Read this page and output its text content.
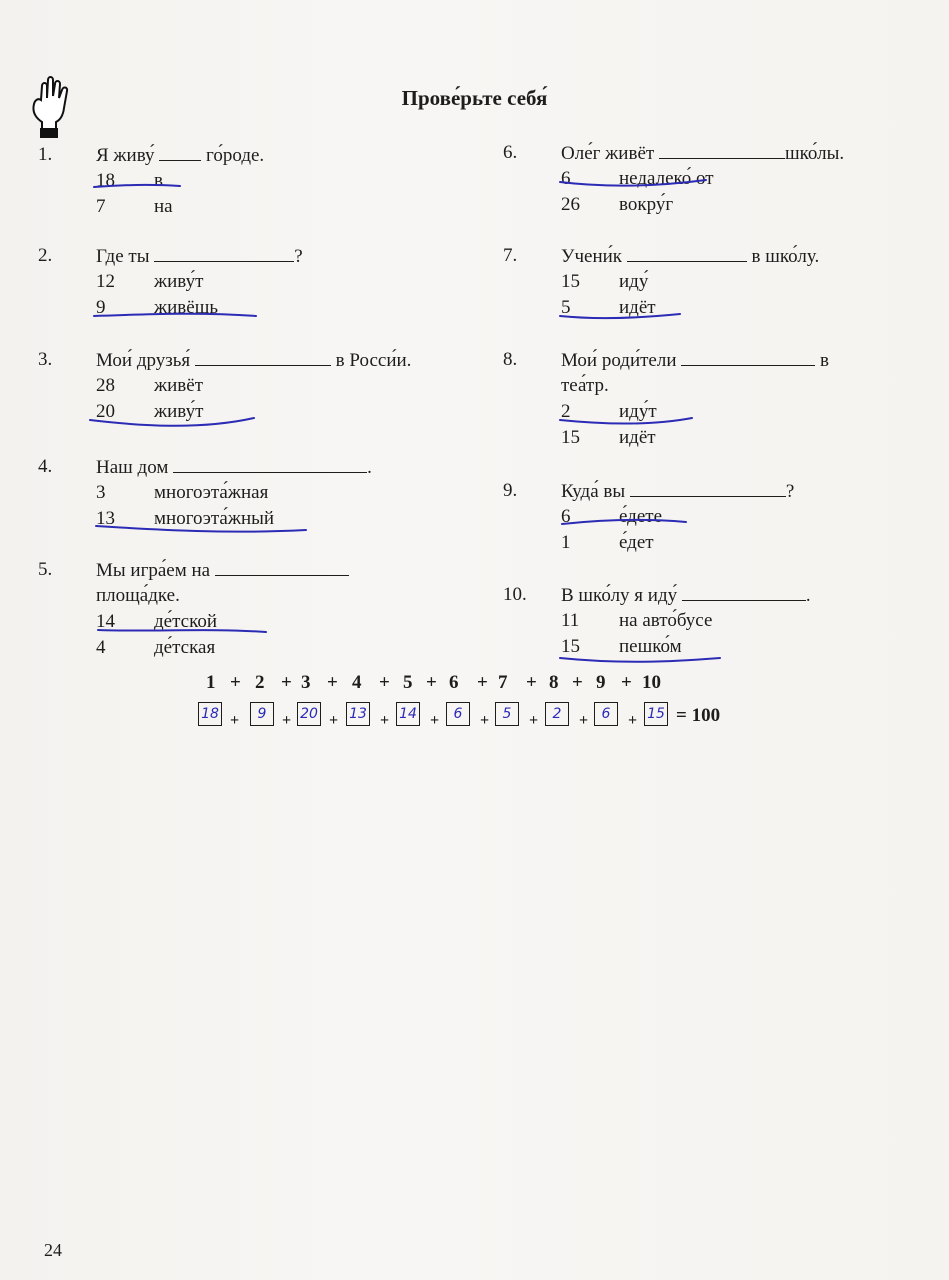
Прове́рьте себя́
1. Я живу́	го́роде.
18 в
7	на
2. Где ты	?
12 живу́т
9	живёшь
3. Мои́ друзья́	в Росси́и.
28 живёт
20 живу́т
4. Наш дом	.
3	многоэта́жная
13 многоэта́жный
5. Мы игра́ем на
площа́дке.
14 де́тской
4	де́тская
6. Оле́г живёт	шко́лы.
6	недалеко́ от
26 вокру́г
7. Учени́к	в шко́лу.
15 иду́
5	идёт
8. Мои́ роди́тели	в
теа́тр.
2	иду́т
15 идёт
9. Куда́ вы	?
6	е́дете
1	е́дет
10. В шко́лу я иду́	.
11 на авто́бусе
15 пешко́м
1 + 2 + 3 + 4 + 5 + 6 + 7 + 8 + 9 + 10
18 +	9 + 20 + 13 + 14 +	6	+ 5	+	2	+ 6	+ 15 = 100
24
